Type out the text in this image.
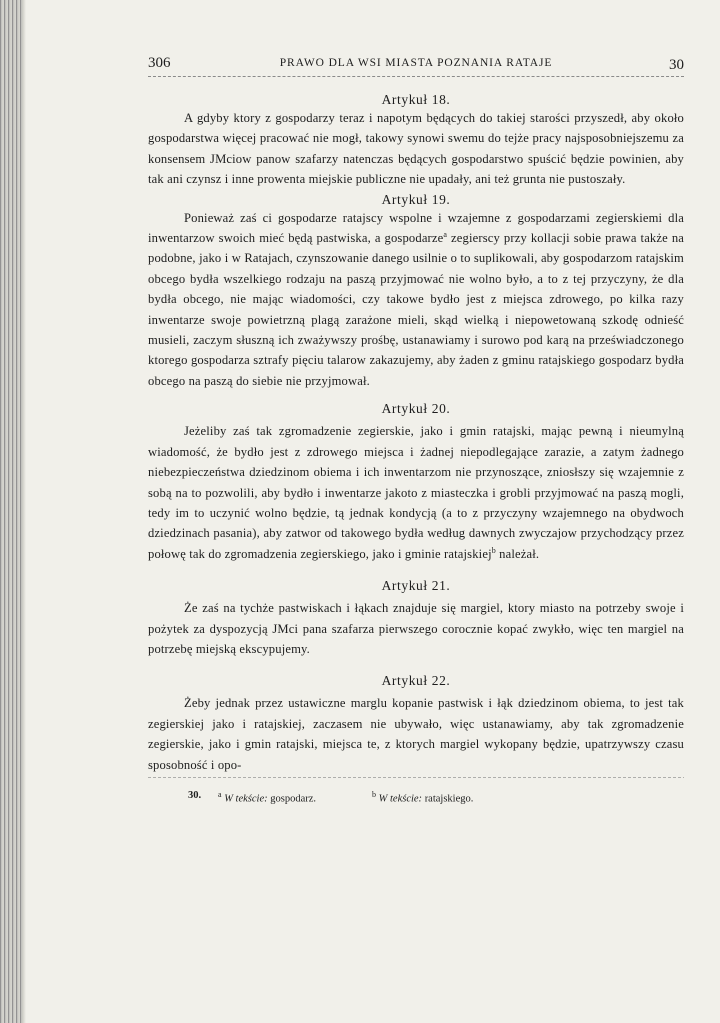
306	PRAWO DLA WSI MIASTA POZNANIA RATAJE	30

Artykuł 18.

A gdyby ktory z gospodarzy teraz i napotym będących do takiej starości przyszedł, aby około gospodarstwa więcej pracować nie mogł, takowy synowi swemu do tejże pracy najsposobniejszemu za konsensem JMciow panow szafarzy natenczas będących gospodarstwo spuścić będzie powinien, aby tak ani czynsz i inne prowenta miejskie publiczne nie upadały, ani też grunta nie pustoszały.

Artykuł 19.

Ponieważ zaś ci gospodarze ratajscy wspolne i wzajemne z gospodarzami zegierskiemi dla inwentarzow swoich mieć będą pastwiska, a gospodarze$^a$ zegierscy przy kollacji sobie prawa także na podobne, jako i w Ratajach, czynszowanie danego usilnie o to suplikowali, aby gospodarzom ratajskim obcego bydła wszelkiego rodzaju na paszą przyjmować nie wolno było, a to z tej przyczyny, że dla bydła obcego, nie mając wiadomości, czy takowe bydło jest z miejsca zdrowego, po kilka razy inwentarze swoje powietrzną plagą zarażone mieli, skąd wielką i niepowetowaną szkodę odnieść musieli, zaczym słuszną ich zważywszy prośbę, ustanawiamy i surowo pod karą na przeświadczonego ktorego gospodarza sztrafy pięciu talarow zakazujemy, aby żaden z gminu ratajskiego gospodarz bydła obcego na paszą do siebie nie przyjmował.

Artykuł 20.

Jeżeliby zaś tak zgromadzenie zegierskie, jako i gmin ratajski, mając pewną i nieumylną wiadomość, że bydło jest z zdrowego miejsca i żadnej niepodlegające zarazie, a zatym żadnego niebezpieczeństwa dziedzinom obiema i ich inwentarzom nie przynoszące, zniosłszy się wzajemnie z sobą na to pozwolili, aby bydło i inwentarze jakoto z miasteczka i grobli przyjmować na paszą mogli, tedy im to uczynić wolno będzie, tą jednak kondycją (a to z przyczyny wzajemnego na obydwoch dziedzinach pasania), aby zatwor od takowego bydła według dawnych zwyczajow przychodzący przez połowę tak do zgromadzenia zegierskiego, jako i gminie ratajskiej$^b$ należał.

Artykuł 21.

Że zaś na tychże pastwiskach i łąkach znajduje się margiel, ktory miasto na potrzeby swoje i pożytek za dyspozycją JMci pana szafarza pierwszego corocznie kopać zwykło, więc ten margiel na potrzebę miejską ekscypujemy.

Artykuł 22.

Żeby jednak przez ustawiczne marglu kopanie pastwisk i łąk dziedzinom obiema, to jest tak zegierskiej jako i ratajskiej, zaczasem nie ubywało, więc ustanawiamy, aby tak zgromadzenie zegierskie, jako i gmin ratajski, miejsca te, z ktorych margiel wykopany będzie, upatrzywszy czasu sposobność i opo-

30. $^a$ W tekście: gospodarz.	$^b$ W tekście: ratajskiego.
